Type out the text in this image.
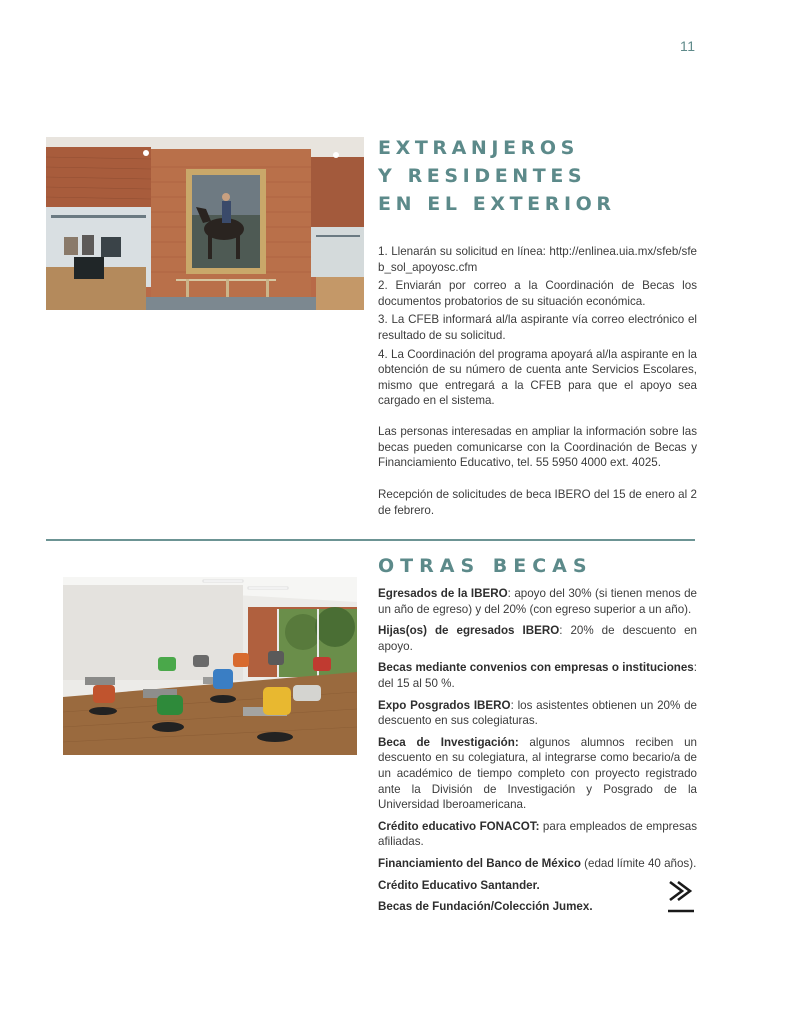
11
EXTRANJEROS
Y RESIDENTES
EN EL EXTERIOR

1. Llenarán su solicitud en línea: http://enlinea.uia.mx/sfeb/sfeb_sol_apoyosc.cfm

2. Enviarán por correo a la Coordinación de Becas los documentos probatorios de su situación económica.

3. La CFEB informará al/la aspirante vía correo electrónico el resultado de su solicitud.

4. La Coordinación del programa apoyará al/la aspirante en la obtención de su número de cuenta ante Servicios Escolares, mismo que entregará a la CFEB para que el apoyo sea cargado en el sistema.

Las personas interesadas en ampliar la información sobre las becas pueden comunicarse con la Coordinación de Becas y Financiamiento Educativo, tel. 55 5950 4000 ext. 4025.
Recepción de solicitudes de beca IBERO del 15 de enero al 2 de febrero.
OTRAS BECAS

Egresados de la IBERO: apoyo del 30% (si tienen menos de un año de egreso) y del 20% (con egreso superior a un año).

Hijas(os) de egresados IBERO: 20% de descuento en apoyo.

Becas mediante convenios con empresas o instituciones: del 15 al 50 %.

Expo Posgrados IBERO: los asistentes obtienen un 20% de descuento en sus colegiaturas.

Beca de Investigación: algunos alumnos reciben un descuento en su colegiatura, al integrarse como becario/a de un académico de tiempo completo con proyecto registrado ante la División de Investigación y Posgrado de la Universidad Iberoamericana.

Crédito educativo FONACOT: para empleados de empresas afiliadas.

Financiamiento del Banco de México (edad límite 40 años).

Crédito Educativo Santander.

Becas de Fundación/Colección Jumex.
